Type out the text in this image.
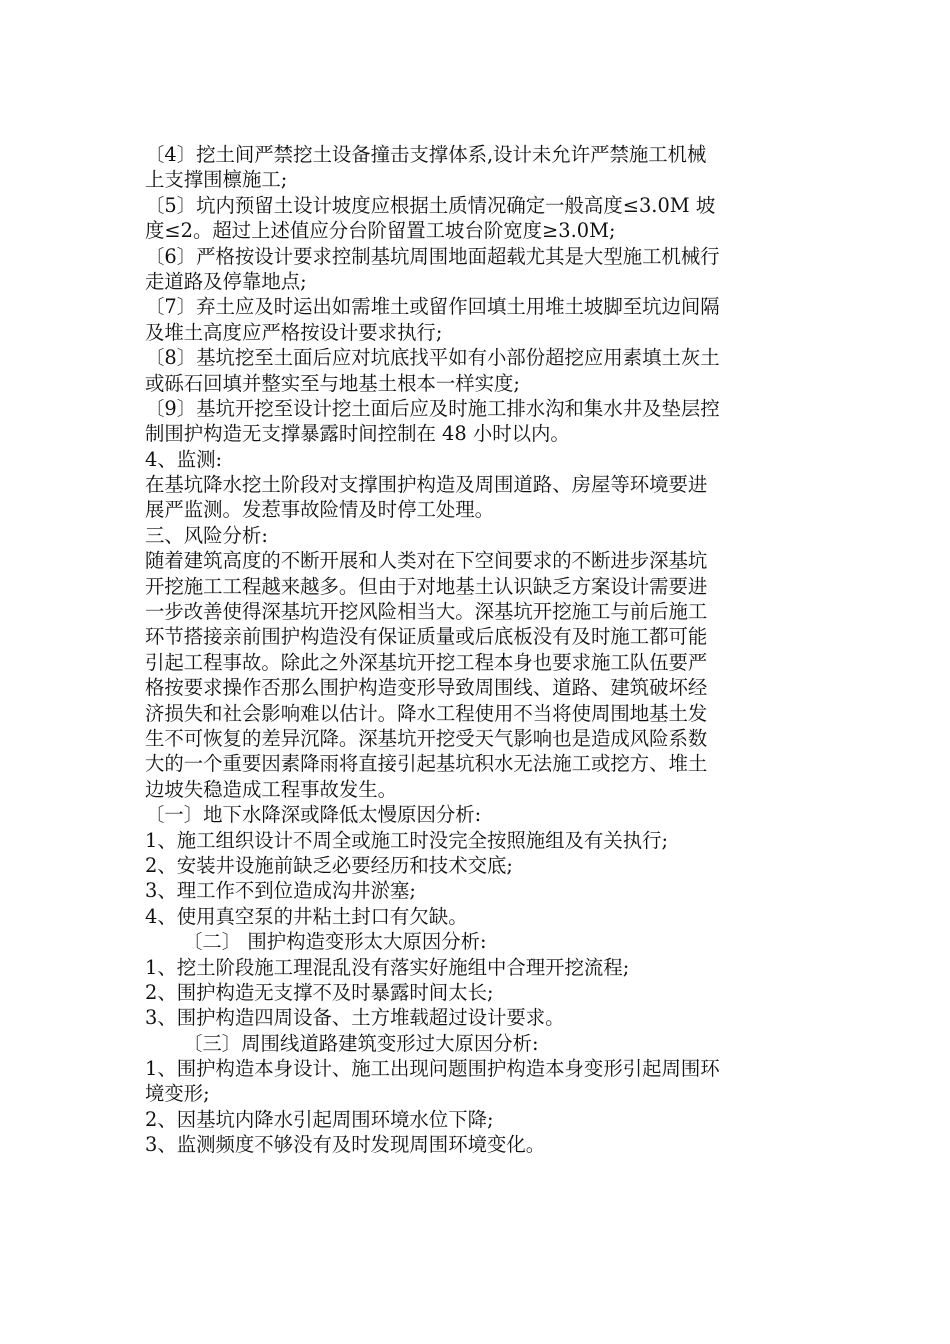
〔4〕挖土间严禁挖土设备撞击支撑体系,设计未允许严禁施工机械
上支撑围檩施工;
〔5〕坑内预留土设计坡度应根据土质情况确定一般高度≤3.0M 坡
度≤2。超过上述值应分台阶留置工坡台阶宽度≥3.0M;
〔6〕严格按设计要求控制基坑周围地面超载尤其是大型施工机械行
走道路及停靠地点;
〔7〕弃土应及时运出如需堆土或留作回填土用堆土坡脚至坑边间隔
及堆土高度应严格按设计要求执行;
〔8〕基坑挖至土面后应对坑底找平如有小部份超挖应用素填土灰土
或砾石回填并整实至与地基土根本一样实度;
〔9〕基坑开挖至设计挖土面后应及时施工排水沟和集水井及垫层控
制围护构造无支撑暴露时间控制在 48 小时以内。
4、监测:
在基坑降水挖土阶段对支撑围护构造及周围道路、房屋等环境要进
展严监测。发惹事故险情及时停工处理。
三、风险分析:
随着建筑高度的不断开展和人类对在下空间要求的不断进步深基坑
开挖施工工程越来越多。但由于对地基土认识缺乏方案设计需要进
一步改善使得深基坑开挖风险相当大。深基坑开挖施工与前后施工
环节搭接亲前围护构造没有保证质量或后底板没有及时施工都可能
引起工程事故。除此之外深基坑开挖工程本身也要求施工队伍要严
格按要求操作否那么围护构造变形导致周围线、道路、建筑破坏经
济损失和社会影响难以估计。降水工程使用不当将使周围地基土发
生不可恢复的差异沉降。深基坑开挖受天气影响也是造成风险系数
大的一个重要因素降雨将直接引起基坑积水无法施工或挖方、堆土
边坡失稳造成工程事故发生。
〔一〕地下水降深或降低太慢原因分析:
1、施工组织设计不周全或施工时没完全按照施组及有关执行;
2、安装井设施前缺乏必要经历和技术交底;
3、理工作不到位造成沟井淤塞;
4、使用真空泵的井粘土封口有欠缺。
〔二〕 围护构造变形太大原因分析:
1、挖土阶段施工理混乱没有落实好施组中合理开挖流程;
2、围护构造无支撑不及时暴露时间太长;
3、围护构造四周设备、土方堆载超过设计要求。
〔三〕周围线道路建筑变形过大原因分析:
1、围护构造本身设计、施工出现问题围护构造本身变形引起周围环
境变形;
2、因基坑内降水引起周围环境水位下降;
3、监测频度不够没有及时发现周围环境变化。
